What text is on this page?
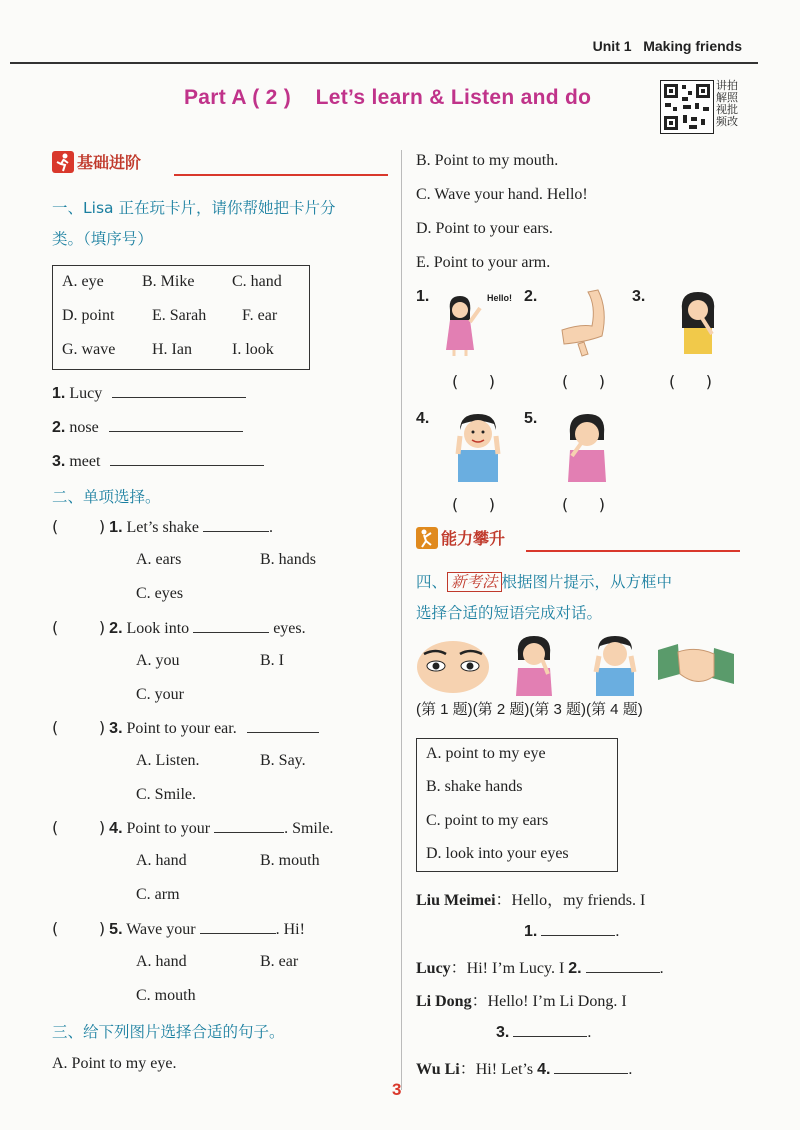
Unit 1 Making friends
Part A ( 2 )    Let’s learn & Listen and do
讲拍 解照 视批 频改
基础进阶
一、Lisa 正在玩卡片，请你帮她把卡片分
类。（填序号）
A. eye B. Mike C. hand
D. point E. Sarah F. ear
G. wave H. Ian	I. look
1. Lucy
2. nose
3. meet
二、单项选择。
(        ) 1. Let’s shake	.
A. ears	B. hands
C. eyes
(        ) 2. Look into	eyes.
A. you	B. I
C. your
(        ) 3. Point to your ear.
A. Listen.	B. Say.
C. Smile.
(        ) 4. Point to your	. Smile.
A. hand	B. mouth
C. arm
(        ) 5. Wave your	. Hi!
A. hand	B. ear
C. mouth
三、给下列图片选择合适的句子。
A. Point to my eye.
B. Point to my mouth.
C. Wave your hand. Hello!
D. Point to your ears.
E. Point to your arm.
1.	Hello! 2.	3.
(      )	(      )	(      )
4.	5.
(      )	(      )
能力攀升
四、 新考法 根据图片提示，从方框中
选择合适的短语完成对话。
(第 1 题)(第 2 题)(第 3 题)(第 4 题)
A. point to my eye
B. shake hands
C. point to my ears
D. look into your eyes
Liu Meimei：Hello，my friends. I
1.	.
Lucy：Hi! I’m Lucy. I 2.	.
Li Dong：Hello! I’m Li Dong. I
3.	.
Wu Li：Hi! Let’s 4.	.
3
